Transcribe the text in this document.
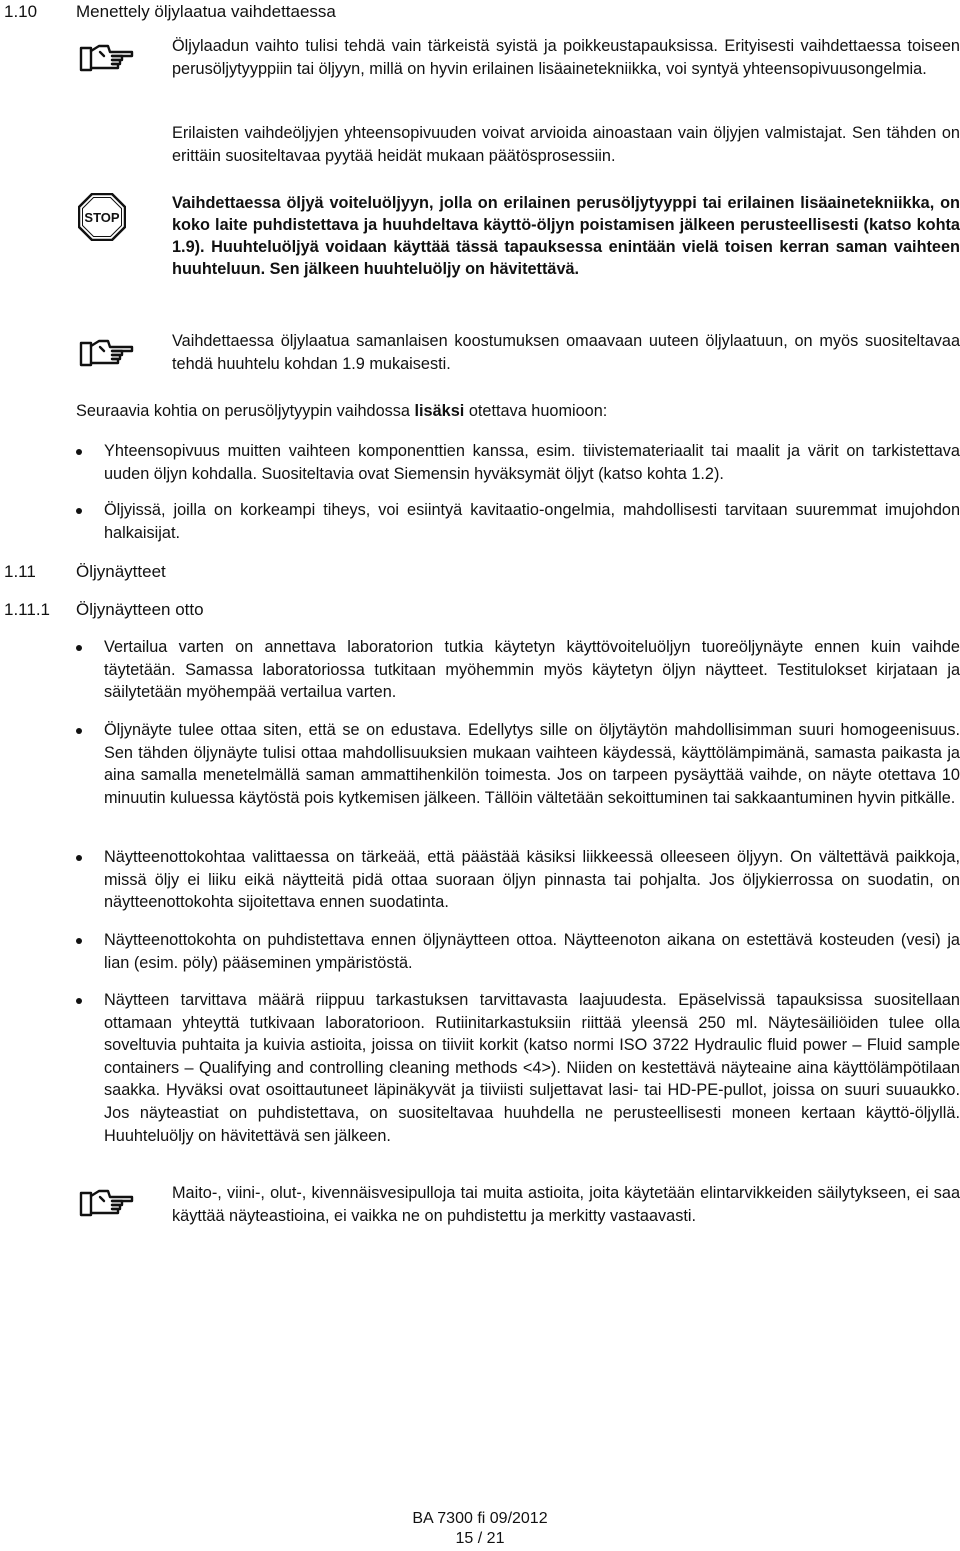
1.10 Menettely öljylaatua vaihdettaessa
Öljylaadun vaihto tulisi tehdä vain tärkeistä syistä ja poikkeustapauksissa. Erityisesti vaihdettaessa toiseen perusöljytyyppiin tai öljyyn, millä on hyvin erilainen lisäainetekniikka, voi syntyä yhteensopivuusongelmia.
Erilaisten vaihdeöljyjen yhteensopivuuden voivat arvioida ainoastaan vain öljyjen valmistajat. Sen tähden on erittäin suositeltavaa pyytää heidät mukaan päätösprosessiin.
STOP
Vaihdettaessa öljyä voiteluöljyyn, jolla on erilainen perusöljytyyppi tai erilainen lisäainetekniikka, on koko laite puhdistettava ja huuhdeltava käyttö-öljyn poistamisen jälkeen perusteellisesti (katso kohta 1.9). Huuhteluöljyä voidaan käyttää tässä tapauksessa enintään vielä toisen kerran saman vaihteen huuhteluun. Sen jälkeen huuhteluöljy on hävitettävä.
Vaihdettaessa öljylaatua samanlaisen koostumuksen omaavaan uuteen öljylaatuun, on myös suositeltavaa tehdä huuhtelu kohdan 1.9 mukaisesti.
Seuraavia kohtia on perusöljytyypin vaihdossa lisäksi otettava huomioon:
Yhteensopivuus muitten vaihteen komponenttien kanssa, esim. tiivistemateriaalit tai maalit ja värit on tarkistettava uuden öljyn kohdalla. Suositeltavia ovat Siemensin hyväksymät öljyt (katso kohta 1.2).
Öljyissä, joilla on korkeampi tiheys, voi esiintyä kavitaatio-ongelmia, mahdollisesti tarvitaan suuremmat imujohdon halkaisijat.
1.11 Öljynäytteet
1.11.1 Öljynäytteen otto
Vertailua varten on annettava laboratorion tutkia käytetyn käyttövoiteluöljyn tuoreöljynäyte ennen kuin vaihde täytetään. Samassa laboratoriossa tutkitaan myöhemmin myös käytetyn öljyn näytteet. Testitulokset kirjataan ja säilytetään myöhempää vertailua varten.
Öljynäyte tulee ottaa siten, että se on edustava. Edellytys sille on öljytäytön mahdollisimman suuri homogeenisuus. Sen tähden öljynäyte tulisi ottaa mahdollisuuksien mukaan vaihteen käydessä, käyttölämpimänä, samasta paikasta ja aina samalla menetelmällä saman ammattihenkilön toimesta. Jos on tarpeen pysäyttää vaihde, on näyte otettava 10 minuutin kuluessa käytöstä pois kytkemisen jälkeen. Tällöin vältetään sekoittuminen tai sakkaantuminen hyvin pitkälle.
Näytteenottokohtaa valittaessa on tärkeää, että päästää käsiksi liikkeessä olleeseen öljyyn. On vältettävä paikkoja, missä öljy ei liiku eikä näytteitä pidä ottaa suoraan öljyn pinnasta tai pohjalta. Jos öljykierrossa on suodatin, on näytteenottokohta sijoitettava ennen suodatinta.
Näytteenottokohta on puhdistettava ennen öljynäytteen ottoa. Näytteenoton aikana on estettävä kosteuden (vesi) ja lian (esim. pöly) pääseminen ympäristöstä.
Näytteen tarvittava määrä riippuu tarkastuksen tarvittavasta laajuudesta. Epäselvissä tapauksissa suositellaan ottamaan yhteyttä tutkivaan laboratorioon. Rutiinitarkastuksiin riittää yleensä 250 ml. Näytesäiliöiden tulee olla soveltuvia puhtaita ja kuivia astioita, joissa on tiiviit korkit (katso normi ISO 3722 Hydraulic fluid power – Fluid sample containers – Qualifying and controlling cleaning methods <4>). Niiden on kestettävä näyteaine aina käyttölämpötilaan saakka. Hyväksi ovat osoittautuneet läpinäkyvät ja tiiviisti suljettavat lasi- tai HD-PE-pullot, joissa on suuri suuaukko. Jos näyteastiat on puhdistettava, on suositeltavaa huuhdella ne perusteellisesti moneen kertaan käyttö-öljyllä. Huuhteluöljy on hävitettävä sen jälkeen.
Maito-, viini-, olut-, kivennäisvesipulloja tai muita astioita, joita käytetään elintarvikkeiden säilytykseen, ei saa käyttää näyteastioina, ei vaikka ne on puhdistettu ja merkitty vastaavasti.
BA 7300 fi 09/2012
15 / 21
